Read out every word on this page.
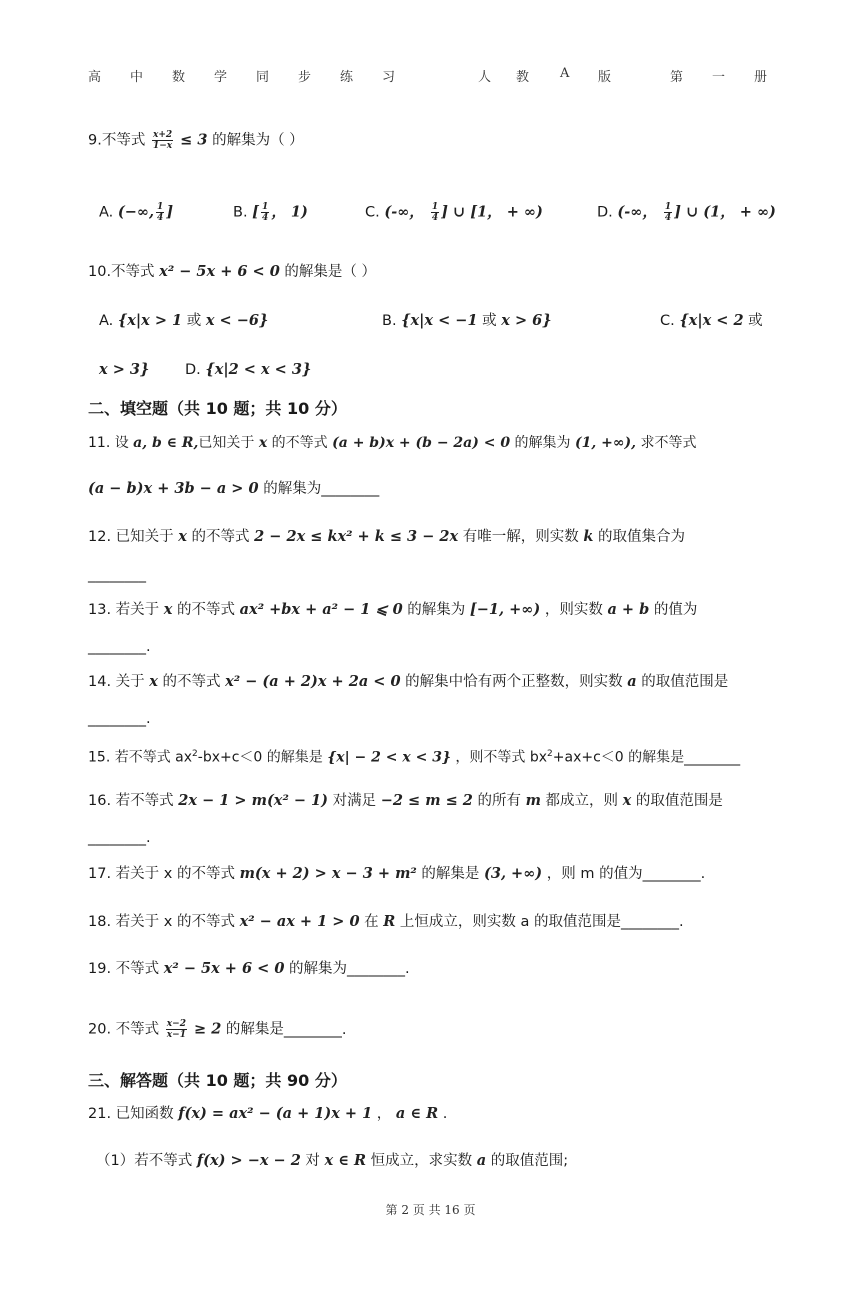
高 中 数 学 同 步 练 习	人 教 A 版	第 一 册
9.不等式 $\frac{x+2}{1-x} \le 3$ 的解集为（ ）
A. (−∞, $\frac{1}{4}$ ]	B. [ $\frac{1}{4}$ ， 1)	C. (-∞， $\frac{1}{4}$ ] ∪ [1， + ∞)	D. (-∞， $\frac{1}{4}$ ] ∪ (1， + ∞)
10.不等式 x² − 5x + 6 < 0 的解集是（ ）
A. {x|x > 1 或 x < −6}	B. {x|x < −1 或 x > 6}	C. {x|x < 2 或
x > 3} D. {x|2 < x < 3}
二、填空题（共 10 题；共 10 分）
11. 设 a, b ∈ R,已知关于 x 的不等式 (a + b)x + (b − 2a) < 0 的解集为 (1, +∞), 求不等式
(a − b)x + 3b − a > 0 的解集为________
12. 已知关于 x 的不等式 2 − 2x ≤ kx² + k ≤ 3 − 2x 有唯一解，则实数 k 的取值集合为
________
13. 若关于 x 的不等式 ax² +bx + a² − 1 ⩽ 0 的解集为 [−1, +∞) ，则实数 a + b 的值为
________.
14. 关于 x 的不等式 x² − (a + 2)x + 2a < 0 的解集中恰有两个正整数，则实数 a 的取值范围是
________.
15. 若不等式 $ax^2-bx+c<0$ 的解集是 {x| − 2 < x < 3} ，则不等式 $bx^2+ax+c<0$ 的解集是________
16. 若不等式 2x − 1 > m(x² − 1) 对满足 −2 ≤ m ≤ 2 的所有 m 都成立，则 x 的取值范围是
________.
17. 若关于 x 的不等式 m(x + 2) > x − 3 + m² 的解集是 (3, +∞) ，则 m 的值为________.
18. 若关于 x 的不等式 x² − ax + 1 > 0 在 R 上恒成立，则实数 a 的取值范围是________.
19. 不等式 x² − 5x + 6 < 0 的解集为________.
20. 不等式 $\frac{x-2}{x-1} \ge 2$ 的解集是________.
三、解答题（共 10 题；共 90 分）
21. 已知函数 f(x) = ax² − (a + 1)x + 1 ， a ∈ R .
（1）若不等式 f(x) > −x − 2 对 x ∈ R 恒成立，求实数 a 的取值范围;
第 2 页 共 16 页
